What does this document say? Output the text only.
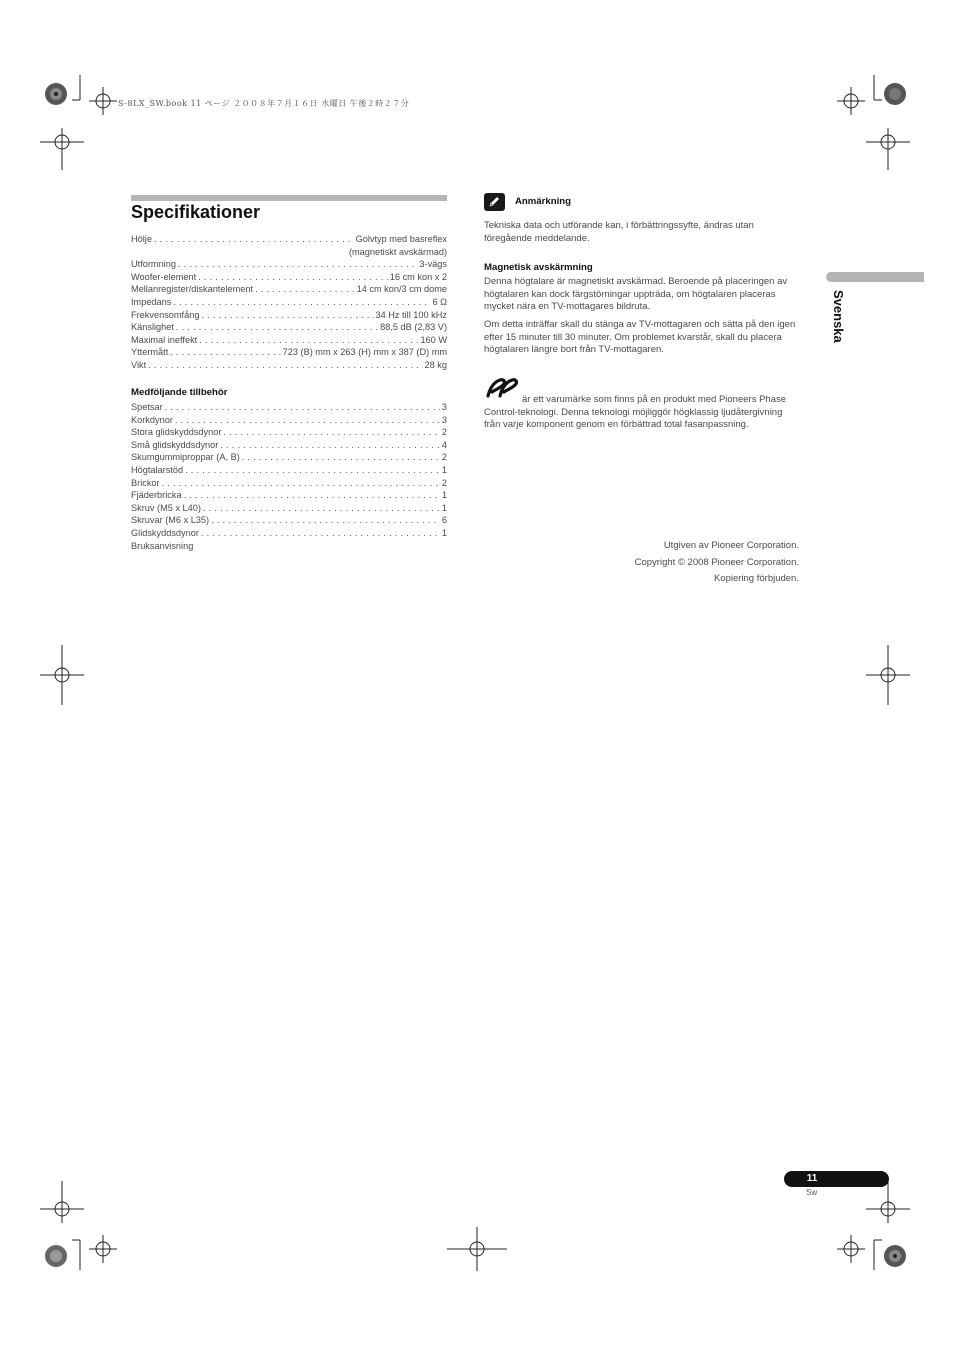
S-8LX_SW.book 11 ページ ２００８年７月１６日 水曜日 午後２時２７分
Specifikationer
Hölje . . .	Golvtyp med basreflex
(magnetiskt avskärmad)
Utformning . . .	3-vägs
Woofer-element . . .	16 cm kon x 2
Mellanregister/diskantelement . . .	14 cm kon/3 cm dome
Impedans . . .	6 Ω
Frekvensomfång . . .	34 Hz till 100 kHz
Känslighet . . .	88,5 dB (2,83 V)
Maximal ineffekt . . .	160 W
Yttermått . . .	723 (B) mm x 263 (H) mm x 387 (D) mm
Vikt . . .	28 kg
Medföljande tillbehör
Spetsar . . .	3
Korkdynor . . .	3
Stora glidskyddsdynor . . .	2
Små glidskyddsdynor . . .	4
Skumgummiproppar (A, B) . . .	2
Högtalarstöd . . .	1
Brickor . . .	2
Fjäderbricka . . .	1
Skruv (M5 x L40) . . .	1
Skruvar (M6 x L35) . . .	6
Glidskyddsdynor . . .	1
Bruksanvisning
Anmärkning
Tekniska data och utförande kan, i förbättringssyfte, ändras utan föregående meddelande.
Magnetisk avskärmning
Denna högtalare är magnetiskt avskärmad. Beroende på placeringen av högtalaren kan dock färgstörningar uppträda, om högtalaren placeras mycket nära en TV-mottagares bildruta.
Om detta inträffar skall du stänga av TV-mottagaren och sätta på den igen efter 15 minuter till 30 minuter. Om problemet kvarstår, skall du placera högtalaren längre bort från TV-mottagaren.
är ett varumärke som finns på en produkt med Pioneers Phase Control-teknologi. Denna teknologi möjliggör högklassig ljudåtergivning från varje komponent genom en förbättrad total fasanpassning.
Utgiven av Pioneer Corporation.
Copyright © 2008 Pioneer Corporation.
Kopiering förbjuden.
Svenska
11
Sw
